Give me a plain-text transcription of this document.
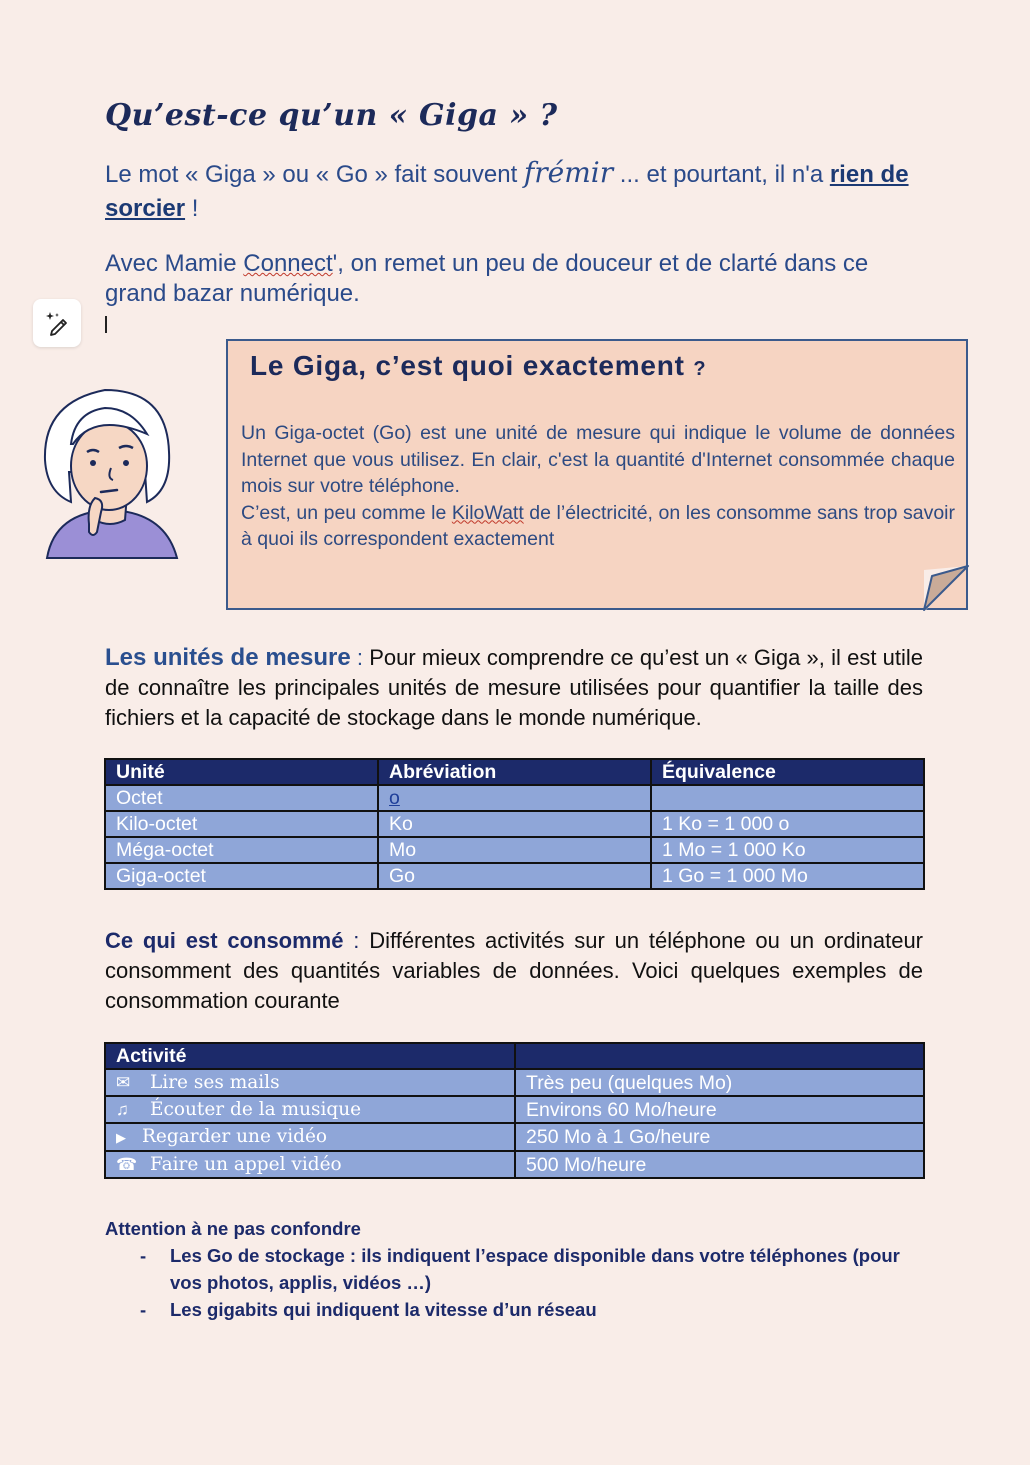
Qu’est-ce qu’un « Giga » ?
Le mot « Giga » ou « Go » fait souvent frémir ... et pourtant, il n'a rien de sorcier !
Avec Mamie Connect', on remet un peu de douceur et de clarté dans ce grand bazar numérique.
Le Giga, c’est quoi exactement ?

Un Giga-octet (Go) est une unité de mesure qui indique le volume de données Internet que vous utilisez. En clair, c'est la quantité d'Internet consommée chaque mois sur votre téléphone.

C’est, un peu comme le KiloWatt de l’électricité, on les consomme sans trop savoir à quoi ils correspondent exactement

Les unités de mesure : Pour mieux comprendre ce qu’est un « Giga », il est utile de connaître les principales unités de mesure utilisées pour quantifier la taille des fichiers et la capacité de stockage dans le monde numérique.
Unité	Abréviation	Équivalence
Octet	o	
Kilo-octet	Ko	1 Ko = 1 000 o
Méga-octet	Mo	1 Mo = 1 000 Ko
Giga-octet	Go	1 Go = 1 000 Mo
Ce qui est consommé : Différentes activités sur un téléphone ou un ordinateur consomment des quantités variables de données. Voici quelques exemples de consommation courante
Activité	
✉ Lire ses mails	Très peu (quelques Mo)
♫ Écouter de la musique	Environs 60 Mo/heure
▶ Regarder une vidéo	250 Mo à 1 Go/heure
☎ Faire un appel vidéo	500 Mo/heure
Attention à ne pas confondre
- Les Go de stockage : ils indiquent l’espace disponible dans votre téléphones (pour vos photos, applis, vidéos …)
- Les gigabits qui indiquent la vitesse d’un réseau
